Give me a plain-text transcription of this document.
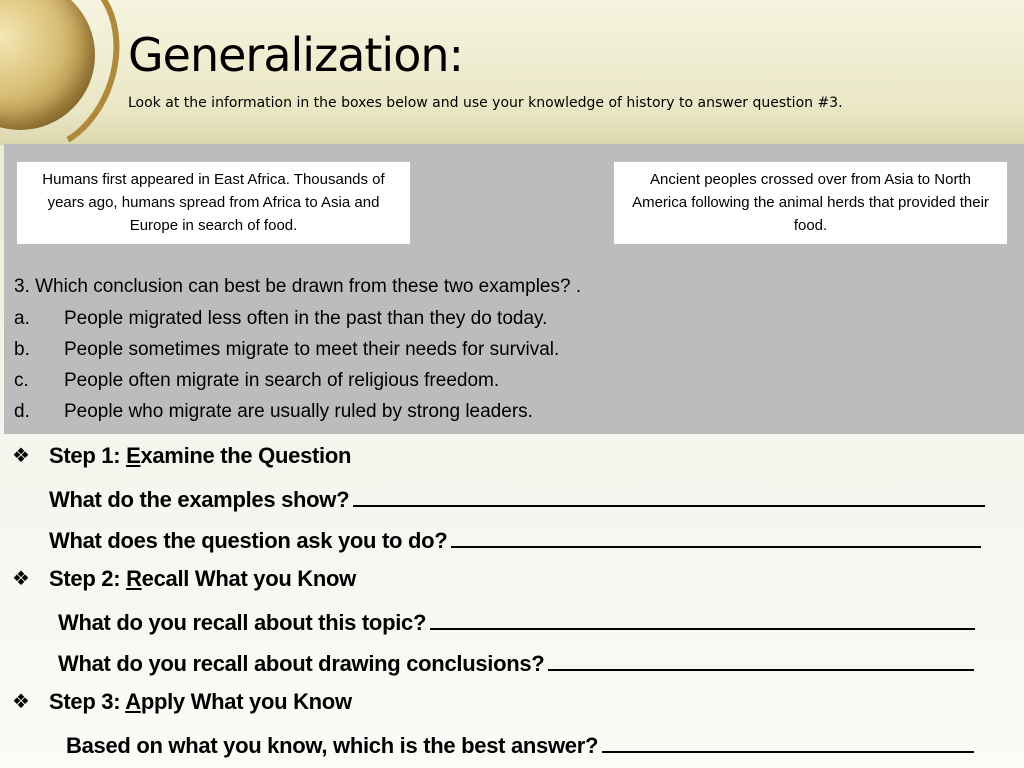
Generalization:

Look at the information in the boxes below and use your knowledge of history to answer question #3.

Humans first appeared in East Africa. Thousands of years ago, humans spread from Africa to Asia and Europe in search of food.
Ancient peoples crossed over from Asia to North America following the animal herds that provided their food.

3. Which conclusion can best be drawn from these two examples? .

a.	People migrated less often in the past than they do today.
b.	People sometimes migrate to meet their needs for survival.
c.	People often migrate in search of religious freedom.
d.	People who migrate are usually ruled by strong leaders.
❖ Step 1: Examine the Question
What do the examples show?
What does the question ask you to do?
❖ Step 2: Recall What you Know
What do you recall about this topic?
What do you recall about drawing conclusions?
❖ Step 3: Apply What you Know
Based on what you know, which is the best answer?
